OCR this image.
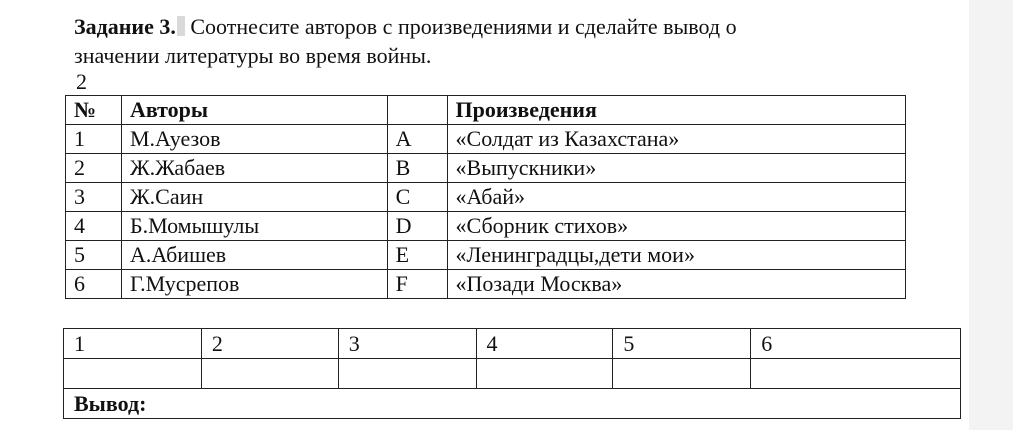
Задание 3. Соотнесите авторов с произведениями и сделайте вывод о
значении литературы во время войны.
2
№	Авторы		Произведения
1	М.Ауезов	A	«Солдат из Казахстана»
2	Ж.Жабаев	B	«Выпускники»
3	Ж.Саин	C	«Абай»
4	Б.Момышулы	D	«Сборник стихов»
5	А.Абишев	E	«Ленинградцы,дети мои»
6	Г.Мусрепов	F	«Позади Москва»
1	2	3	4	5	6

Вывод:					
